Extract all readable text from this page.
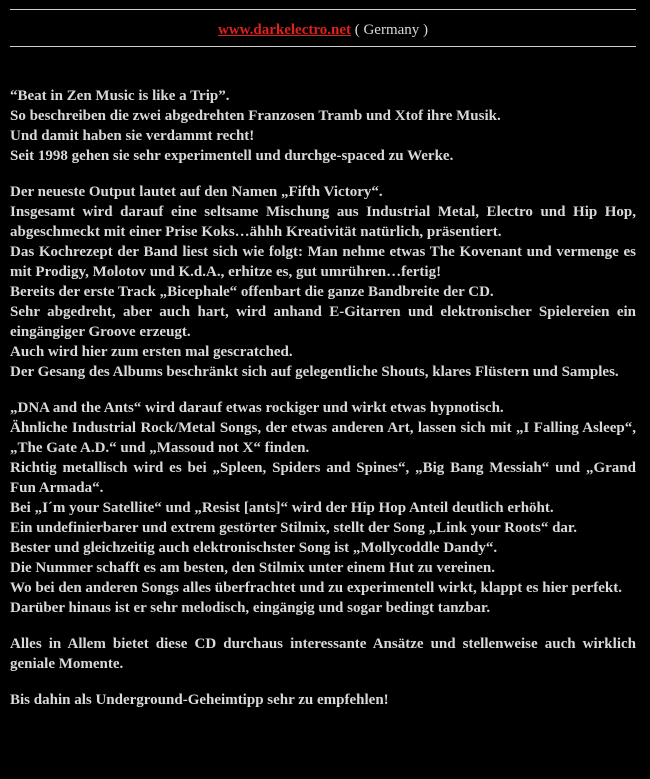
www.darkelectro.net ( Germany )

“Beat in Zen Music is like a Trip”.
So beschreiben die zwei abgedrehten Franzosen Tramb und Xtof ihre Musik.
Und damit haben sie verdammt recht!
Seit 1998 gehen sie sehr experimentell und durchge-spaced zu Werke.

Der neueste Output lautet auf den Namen „Fifth Victory“.
Insgesamt wird darauf eine seltsame Mischung aus Industrial Metal, Electro und Hip Hop, abgeschmeckt mit einer Prise Koks…ähhh Kreativität natürlich, präsentiert.
Das Kochrezept der Band liest sich wie folgt: Man nehme etwas The Kovenant und vermenge es mit Prodigy, Molotov und K.d.A., erhitze es, gut umrühren…fertig!
Bereits der erste Track „Bicephale“ offenbart die ganze Bandbreite der CD.
Sehr abgedreht, aber auch hart, wird anhand E-Gitarren und elektronischer Spielereien ein eingängiger Groove erzeugt.
Auch wird hier zum ersten mal gescratched.
Der Gesang des Albums beschränkt sich auf gelegentliche Shouts, klares Flüstern und Samples.

„DNA and the Ants“ wird darauf etwas rockiger und wirkt etwas hypnotisch.
Ähnliche Industrial Rock/Metal Songs, der etwas anderen Art, lassen sich mit „I Falling Asleep“, „The Gate A.D.“ und „Massoud not X“ finden.
Richtig metallisch wird es bei „Spleen, Spiders and Spines“, „Big Bang Messiah“ und „Grand Fun Armada“.
Bei „I´m your Satellite“ und „Resist [ants]“ wird der Hip Hop Anteil deutlich erhöht.
Ein undefinierbarer und extrem gestörter Stilmix, stellt der Song „Link your Roots“ dar.
Bester und gleichzeitig auch elektronischster Song ist „Mollycoddle Dandy“.
Die Nummer schafft es am besten, den Stilmix unter einem Hut zu vereinen.
Wo bei den anderen Songs alles überfrachtet und zu experimentell wirkt, klappt es hier perfekt.
Darüber hinaus ist er sehr melodisch, eingängig und sogar bedingt tanzbar.

Alles in Allem bietet diese CD durchaus interessante Ansätze und stellenweise auch wirklich geniale Momente.

Bis dahin als Underground-Geheimtipp sehr zu empfehlen!
